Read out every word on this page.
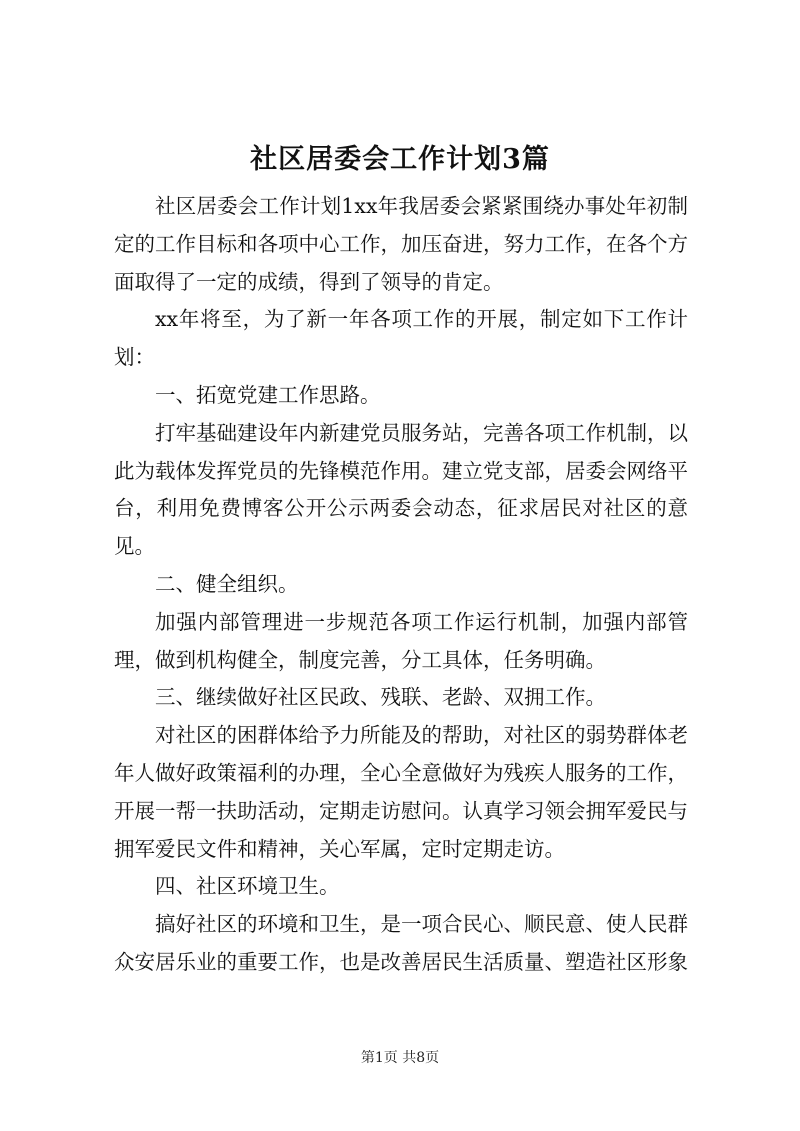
社区居委会工作计划3篇

社区居委会工作计划1xx年我居委会紧紧围绕办事处年初制定的工作目标和各项中心工作，加压奋进，努力工作，在各个方面取得了一定的成绩，得到了领导的肯定。

xx年将至，为了新一年各项工作的开展，制定如下工作计划：

一、拓宽党建工作思路。

打牢基础建设年内新建党员服务站，完善各项工作机制，以此为载体发挥党员的先锋模范作用。建立党支部，居委会网络平台，利用免费博客公开公示两委会动态，征求居民对社区的意见。

二、健全组织。

加强内部管理进一步规范各项工作运行机制，加强内部管理，做到机构健全，制度完善，分工具体，任务明确。

三、继续做好社区民政、残联、老龄、双拥工作。

对社区的困群体给予力所能及的帮助，对社区的弱势群体老年人做好政策福利的办理，全心全意做好为残疾人服务的工作，开展一帮一扶助活动，定期走访慰问。认真学习领会拥军爱民与拥军爱民文件和精神，关心军属，定时定期走访。

四、社区环境卫生。

搞好社区的环境和卫生，是一项合民心、顺民意、使人民群众安居乐业的重要工作，也是改善居民生活质量、塑造社区形象

第1页 共8页
